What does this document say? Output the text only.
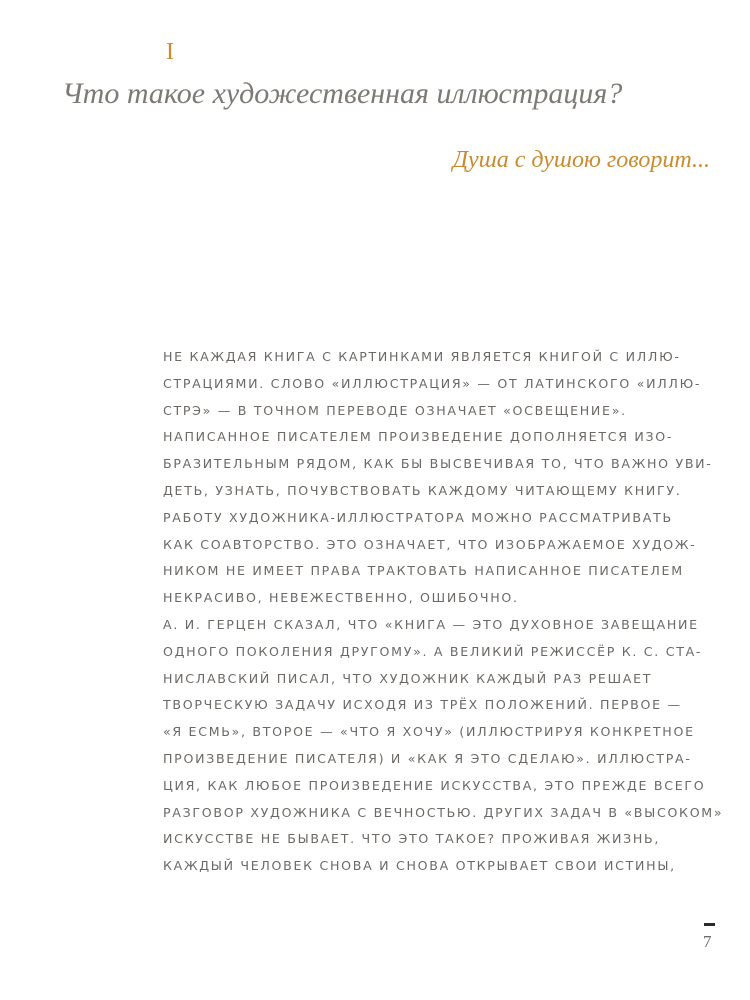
I
Что такое художественная иллюстрация?
Душа с душою говорит...
НЕ КАЖДАЯ КНИГА С КАРТИНКАМИ ЯВЛЯЕТСЯ КНИГОЙ С ИЛЛЮ-
СТРАЦИЯМИ. СЛОВО «ИЛЛЮСТРАЦИЯ» — ОТ ЛАТИНСКОГО «ИЛЛЮ-
СТРЭ» — В ТОЧНОМ ПЕРЕВОДЕ ОЗНАЧАЕТ «ОСВЕЩЕНИЕ».
НАПИСАННОЕ ПИСАТЕЛЕМ ПРОИЗВЕДЕНИЕ ДОПОЛНЯЕТСЯ ИЗО-
БРАЗИТЕЛЬНЫМ РЯДОМ, КАК БЫ ВЫСВЕЧИВАЯ ТО, ЧТО ВАЖНО УВИ-
ДЕТЬ, УЗНАТЬ, ПОЧУВСТВОВАТЬ КАЖДОМУ ЧИТАЮЩЕМУ КНИГУ.
РАБОТУ ХУДОЖНИКА-ИЛЛЮСТРАТОРА МОЖНО РАССМАТРИВАТЬ
КАК СОАВТОРСТВО. ЭТО ОЗНАЧАЕТ, ЧТО ИЗОБРАЖАЕМОЕ ХУДОЖ-
НИКОМ НЕ ИМЕЕТ ПРАВА ТРАКТОВАТЬ НАПИСАННОЕ ПИСАТЕЛЕМ
НЕКРАСИВО, НЕВЕЖЕСТВЕННО, ОШИБОЧНО.
А. И. ГЕРЦЕН СКАЗАЛ, ЧТО «КНИГА — ЭТО ДУХОВНОЕ ЗАВЕЩАНИЕ
ОДНОГО ПОКОЛЕНИЯ ДРУГОМУ». А ВЕЛИКИЙ РЕЖИССЁР К. С. СТА-
НИСЛАВСКИЙ ПИСАЛ, ЧТО ХУДОЖНИК КАЖДЫЙ РАЗ РЕШАЕТ
ТВОРЧЕСКУЮ ЗАДАЧУ ИСХОДЯ ИЗ ТРЁХ ПОЛОЖЕНИЙ. ПЕРВОЕ —
«Я ЕСМЬ», ВТОРОЕ — «ЧТО Я ХОЧУ» (ИЛЛЮСТРИРУЯ КОНКРЕТНОЕ
ПРОИЗВЕДЕНИЕ ПИСАТЕЛЯ) И «КАК Я ЭТО СДЕЛАЮ». ИЛЛЮСТРА-
ЦИЯ, КАК ЛЮБОЕ ПРОИЗВЕДЕНИЕ ИСКУССТВА, ЭТО ПРЕЖДЕ ВСЕГО
РАЗГОВОР ХУДОЖНИКА С ВЕЧНОСТЬЮ. ДРУГИХ ЗАДАЧ В «ВЫСОКОМ»
ИСКУССТВЕ НЕ БЫВАЕТ. ЧТО ЭТО ТАКОЕ? ПРОЖИВАЯ ЖИЗНЬ,
КАЖДЫЙ ЧЕЛОВЕК СНОВА И СНОВА ОТКРЫВАЕТ СВОИ ИСТИНЫ,
7
